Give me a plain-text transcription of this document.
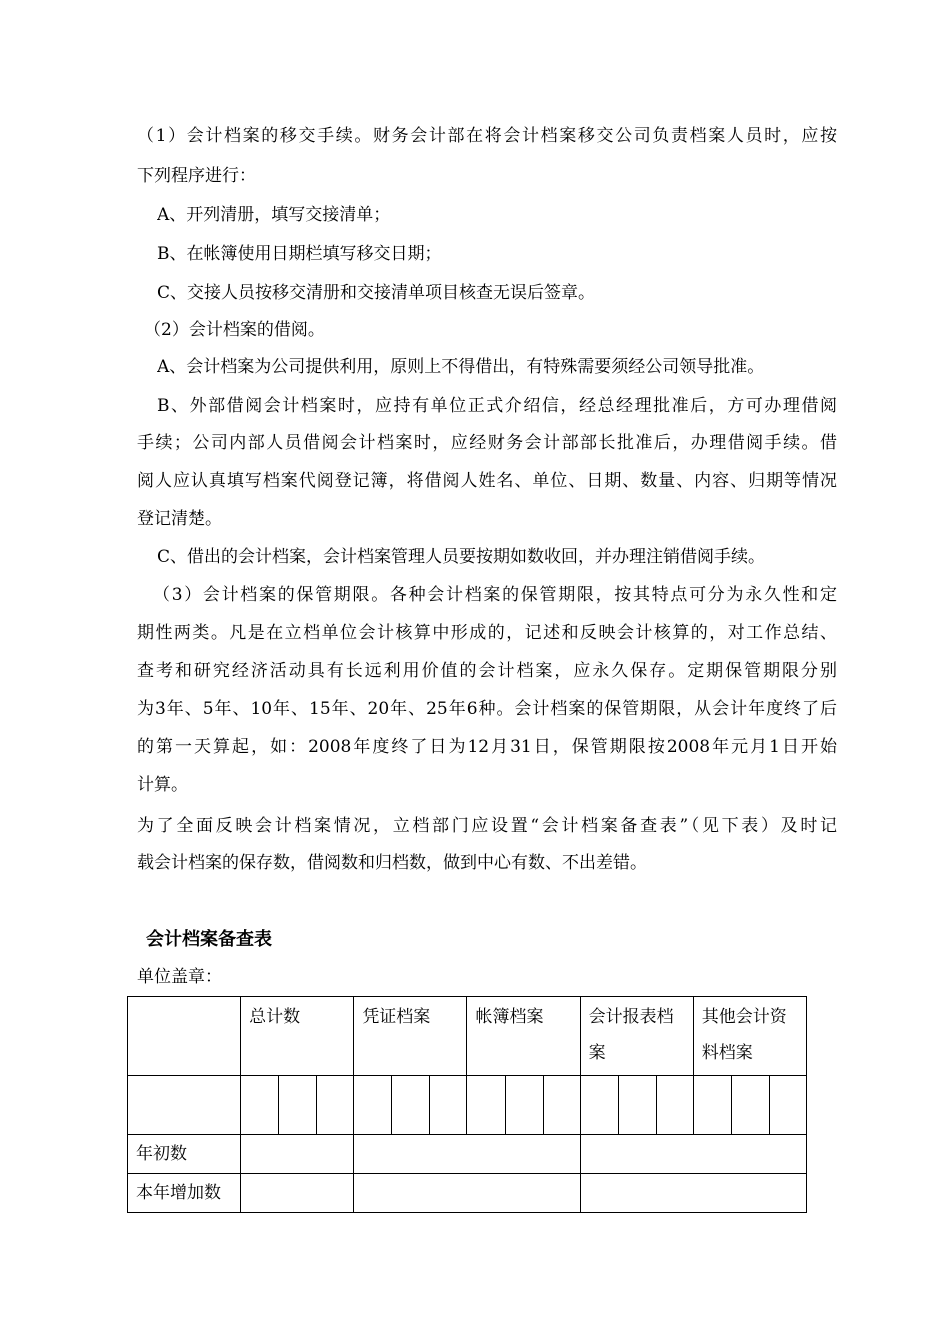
（1）会计档案的移交手续。财务会计部在将会计档案移交公司负责档案人员时，应按
下列程序进行：
A、开列清册，填写交接清单；
B、在帐簿使用日期栏填写移交日期；
C、交接人员按移交清册和交接清单项目核查无误后签章。
（2）会计档案的借阅。
A、会计档案为公司提供利用，原则上不得借出，有特殊需要须经公司领导批准。
B、外部借阅会计档案时，应持有单位正式介绍信，经总经理批准后，方可办理借阅
手续；公司内部人员借阅会计档案时，应经财务会计部部长批准后，办理借阅手续。借
阅人应认真填写档案代阅登记簿，将借阅人姓名、单位、日期、数量、内容、归期等情况
登记清楚。
C、借出的会计档案，会计档案管理人员要按期如数收回，并办理注销借阅手续。
（3）会计档案的保管期限。各种会计档案的保管期限，按其特点可分为永久性和定
期性两类。凡是在立档单位会计核算中形成的，记述和反映会计核算的，对工作总结、
查考和研究经济活动具有长远利用价值的会计档案，应永久保存。定期保管期限分别
为3年、5年、10年、15年、20年、25年6种。会计档案的保管期限，从会计年度终了后
的第一天算起，如：2008年度终了日为12月31日，保管期限按2008年元月1日开始
计算。
为了全面反映会计档案情况，立档部门应设置“会计档案备查表”（见下表）及时记
载会计档案的保存数，借阅数和归档数，做到中心有数、不出差错。
会计档案备查表
单位盖章：
	总计数			凭证档案			帐簿档案			会计报表档案			其他会计资料档案		

年初数															
本年增加数															
